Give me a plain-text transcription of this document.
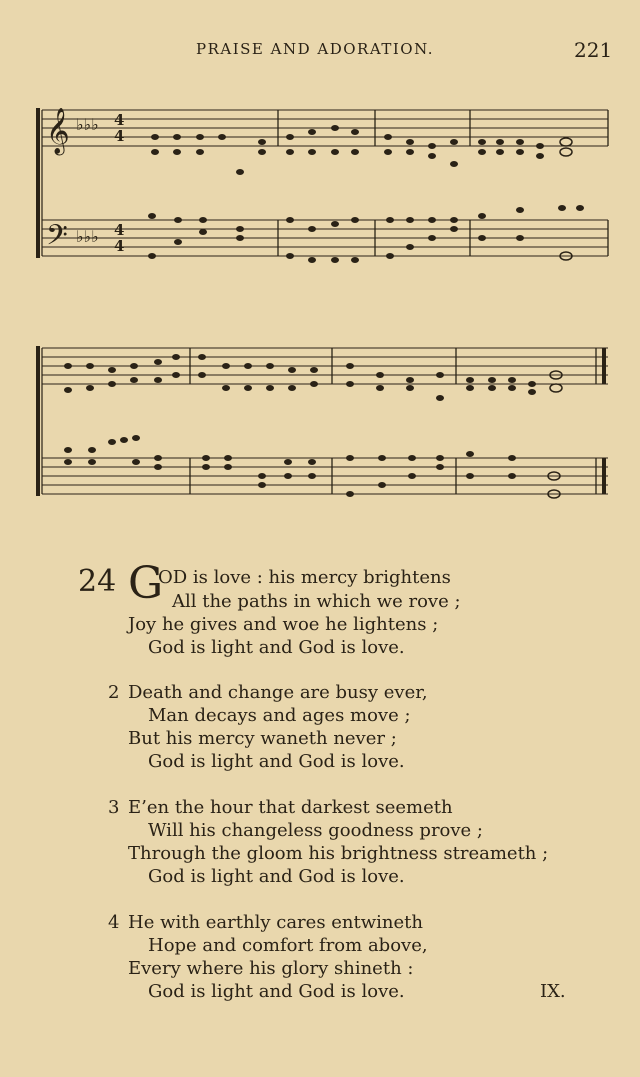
PRAISE AND ADORATION.	221
𝄞
𝄢
♭♭♭
♭♭♭
4
4
4
4
24 G
OD is love : his mercy brightens
All the paths in which we rove ;
Joy he gives and woe he lightens ;
God is light and God is love.
2 Death and change are busy ever,
Man decays and ages move ;
But his mercy waneth never ;
God is light and God is love.
3 E’en the hour that darkest seemeth
Will his changeless goodness prove ;
Through the gloom his brightness streameth ;
God is light and God is love.
4 He with earthly cares entwineth
Hope and comfort from above,
Every where his glory shineth :
God is light and God is love.	IX.
